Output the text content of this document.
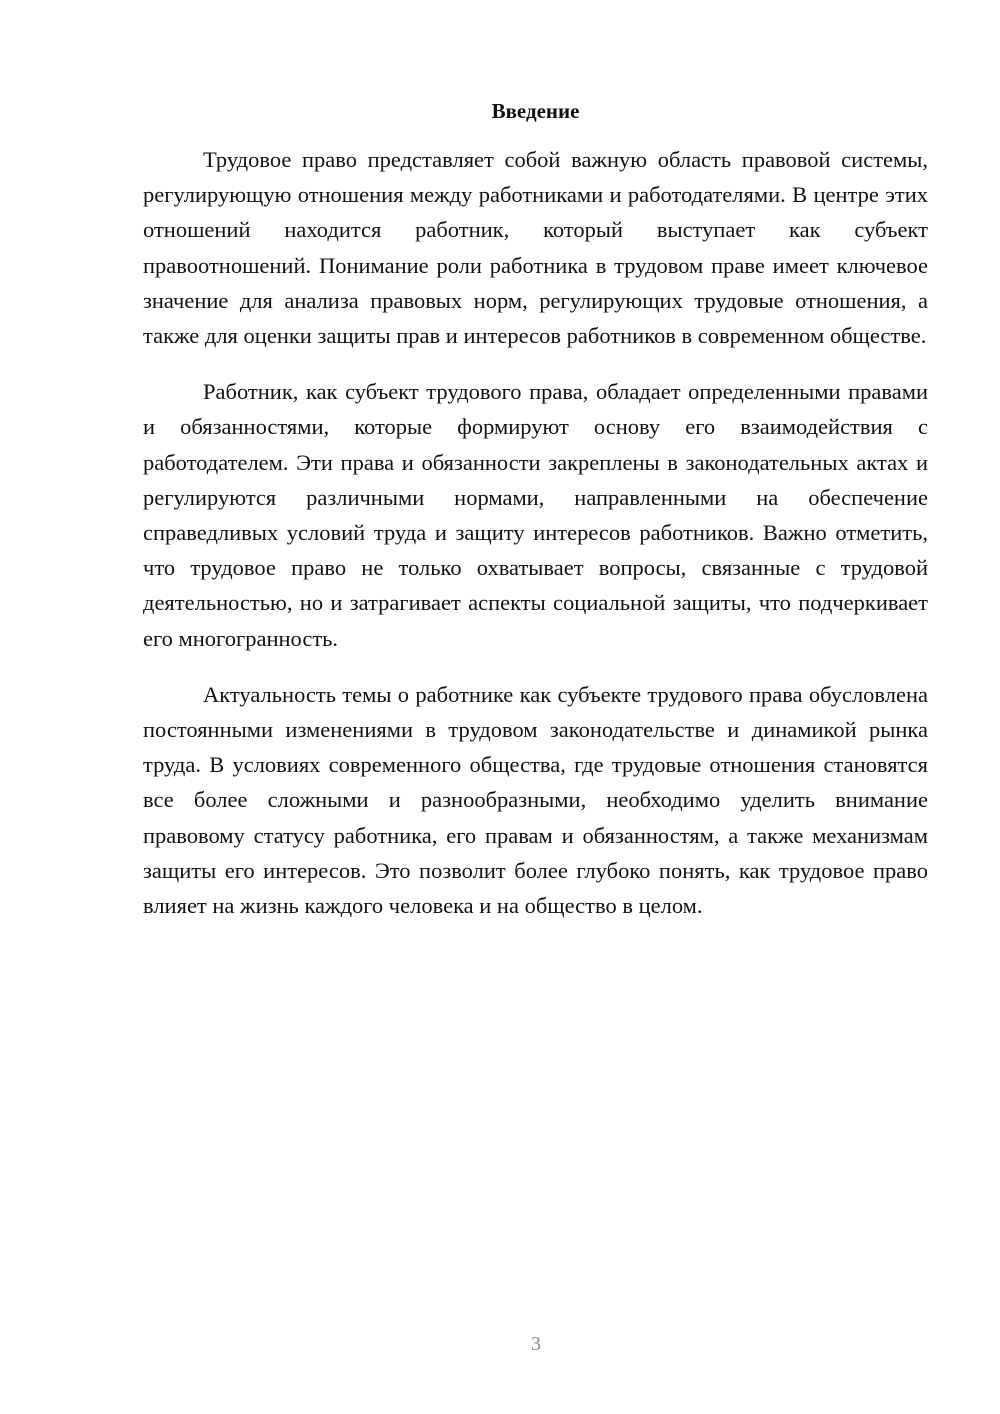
Введение

Трудовое право представляет собой важную область правовой системы, регулирующую отношения между работниками и работодателями. В центре этих отношений находится работник, который выступает как субъект правоотношений. Понимание роли работника в трудовом праве имеет ключевое значение для анализа правовых норм, регулирующих трудовые отношения, а также для оценки защиты прав и интересов работников в современном обществе.

Работник, как субъект трудового права, обладает определенными правами и обязанностями, которые формируют основу его взаимодействия с работодателем. Эти права и обязанности закреплены в законодательных актах и регулируются различными нормами, направленными на обеспечение справедливых условий труда и защиту интересов работников. Важно отметить, что трудовое право не только охватывает вопросы, связанные с трудовой деятельностью, но и затрагивает аспекты социальной защиты, что подчеркивает его многогранность.

Актуальность темы о работнике как субъекте трудового права обусловлена постоянными изменениями в трудовом законодательстве и динамикой рынка труда. В условиях современного общества, где трудовые отношения становятся все более сложными и разнообразными, необходимо уделить внимание правовому статусу работника, его правам и обязанностям, а также механизмам защиты его интересов. Это позволит более глубоко понять, как трудовое право влияет на жизнь каждого человека и на общество в целом.

3
